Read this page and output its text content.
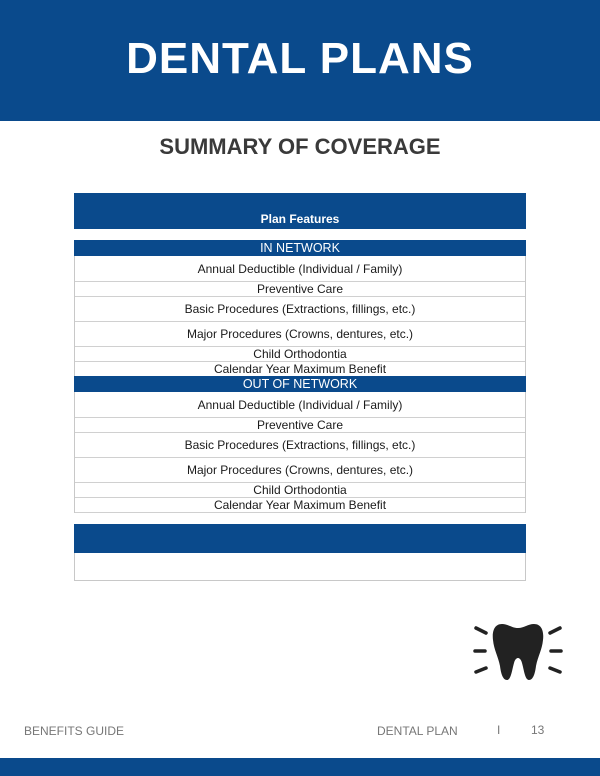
DENTAL PLANS
SUMMARY OF COVERAGE
Plan Features
IN NETWORK
Annual Deductible (Individual / Family)
Preventive Care
Basic Procedures (Extractions, fillings, etc.)
Major Procedures (Crowns, dentures, etc.)
Child Orthodontia
Calendar Year Maximum Benefit
OUT OF NETWORK
Annual Deductible (Individual / Family)
Preventive Care
Basic Procedures (Extractions, fillings, etc.)
Major Procedures (Crowns, dentures, etc.)
Child Orthodontia
Calendar Year Maximum Benefit
BENEFITS GUIDE	DENTAL PLAN	I	13
